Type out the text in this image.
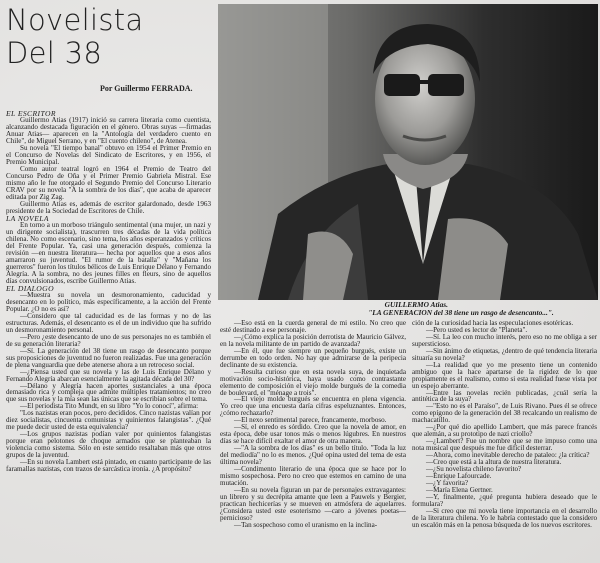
Novelista
Del 38
Por Guillermo FERRADA.
GUILLERMO Atias.
"LA GENERACION del 38 tiene un rasgo de desencanto...".
EL ESCRITOR

Guillermo Atias (1917) inició su carrera literaria como cuentista, alcanzando destacada figuración en el género. Obras suyas —firmadas Anuar Atias— aparecen en la "Antología del verdadero cuento en Chile", de Miguel Serrano, y en "El cuento chileno", de Atenea.

Su novela "El tiempo banal" obtuvo en 1954 el Primer Premio en el Concurso de Novelas del Sindicato de Escritores, y en 1956, el Premio Municipal.

Como autor teatral logró en 1964 el Premio de Teatro del Concurso Pedro de Oña y el Primer Premio Gabriela Mistral. Ese mismo año le fue otorgado el Segundo Premio del Concurso Literario CRAV por su novela "A la sombra de los días", que acaba de aparecer editada por Zig Zag.

Guillermo Atias es, además de escritor galardonado, desde 1963 presidente de la Sociedad de Escritores de Chile.

LA NOVELA

En torno a un morboso triángulo sentimental (una mujer, un nazi y un dirigente socialista), trascurren tres décadas de la vida política chilena. No como escenario, sino tema, los años esperanzados y críticos del Frente Popular. Ya, casi una generación después, comienza la revisión —en nuestra literatura— hecha por aquellos que a esos años amarraron su juventud. "El rumor de la batalla" y "Mañana los guerreros" fueron los títulos bélicos de Luis Enrique Délano y Fernando Alegría. A la sombra, no des jeunes filles en fleurs, sino de aquellos días convulsionados, escribe Guillermo Atias.

EL DIALOGO

—Muestra su novela un desmoronamiento, caducidad y desencanto en lo político, más específicamente, a la acción del Frente Popular. ¿O no es así?

—Considero que tal caducidad es de las formas y no de las estructuras. Además, el desencanto es el de un individuo que ha sufrido un desmoronamiento personal.

—Pero ¿este desencanto de uno de sus personajes no es también el de su generación literaria?

—Sí. La generación del 38 tiene un rasgo de desencanto porque sus proposiciones de juventud no fueron realizadas. Fue una generación de plena vanguardia que debe atenerse ahora a un retroceso social.

—¿Piensa usted que su novela y las de Luis Enrique Délano y Fernando Alegría abarcan esencialmente la agitada década del 30?

—Délano y Alegría hacen aportes sustanciales a una época demasiado rica y compleja que admite múltiples tratamientos; no creo que sus novelas y la mía sean las únicas que se escribían sobre el tema.

—El periodista Tito Mundt, en su libro "Yo lo conocí", afirma:

"Los nazistas eran pocos, pero decididos. Cinco nazistas valían por diez socialistas, cincuenta comunistas y quinientos falangistas". ¿Qué me puede decir usted de esta equivalencia?

—Los grupos nazistas podían valer por quinientos falangistas porque eran pelotones de choque armados que se planteaban la violencia como sistema. Sólo en este sentido resaltaban más que otros grupos de la juventud.

—En su novela Lambert está pintado, en cuanto participante de las faramallas nazistas, con trazos de sarcástica ironía. ¿A propósito?

—Eso está en la cuerda general de mi estilo. No creo que esté destinado a ese personaje.

—¿Cómo explica la posición derrotista de Mauricio Gálvez, en la novela militante de un partido de avanzada?

—En él, que fue siempre un pequeño burgués, existe un derrumbe en todo orden. No hay que admirarse de la peripecia declinante de su existencia.

—Resulta curioso que en esta novela suya, de inquietada motivación socio-histórica, haya usado como contrastante elemento de composición el viejo molde burgués de la comedia de boulevard, el "ménage a trois".

—El viejo molde burgués se encuentra en plena vigencia. Yo creo que una encuesta daría cifras espeluznantes. Entonces, ¿cómo rechazarlo?

—El nexo sentimental parece, francamente, morboso.

—Sí, el enredo es sórdido. Creo que la novela de amor, en esta época, debe usar tonos más o menos lúgubres. En nuestros días se hace difícil exaltar el amor de otra manera.

—"A la sombra de los días" es un bello título. "Toda la luz del mediodía" no lo es menos. ¿Qué opina usted del tema de esta última novela?

—Condimento literario de una época que se hace por lo mismo sospechosa. Pero no creo que estemos en camino de una mutación.

—En su novela figuran un par de personajes extravagantes: un librero y su decrépita amante que leen a Pauwels y Bergier, practican hechicerías y se mueven en atmósfera de aquelarres. ¿Considera usted este esoterismo —caro a jóvenes poetas— pernicioso?

—Tan sospechoso como el uranismo en la inclina-

ción de la curiosidad hacia las especulaciones esotéricas.

—Pero usted es lector de "Planeta".

—Sí. La leo con mucho interés, pero eso no me obliga a ser supersticioso.

—Sin ánimo de etiquetas, ¿dentro de qué tendencia literaria situaría su novela?

—La realidad que yo me presento tiene un contenido ambiguo que la hace apartarse de la rigidez de lo que propiamente es el realismo, como si esta realidad fuese vista por un espejo aberrante.

—Entre las novelas recién publicadas, ¿cuál sería la antitética de la suya?

—"Esto no es el Paraíso", de Luis Rivano. Pues él se ofrece como epígono de la generación del 38 recalcando un realismo de machacatillo.

—¿Por qué dio apellido Lambert, que más parece francés que alemán, a su prototipo de nazi criollo?

—¿Lambert? Fue un nombre que se me impuso como una nota musical que después me fue difícil desterrar.

—Ahora, como inevitable derecho de pataleo: ¿la crítica?

—Creo que está a la altura de nuestra literatura.

—¿Su novelista chileno favorito?

—Enrique Lafourcade.

—¿Y favorita?

—María Elena Gertner.

—Y, finalmente, ¿qué pregunta hubiera deseado que le formulara?

—Si creo que mi novela tiene importancia en el desarrollo de la literatura chilena. Yo le habría contestado que la considero un escalón más en la penosa búsqueda de los nuevos escritores.
